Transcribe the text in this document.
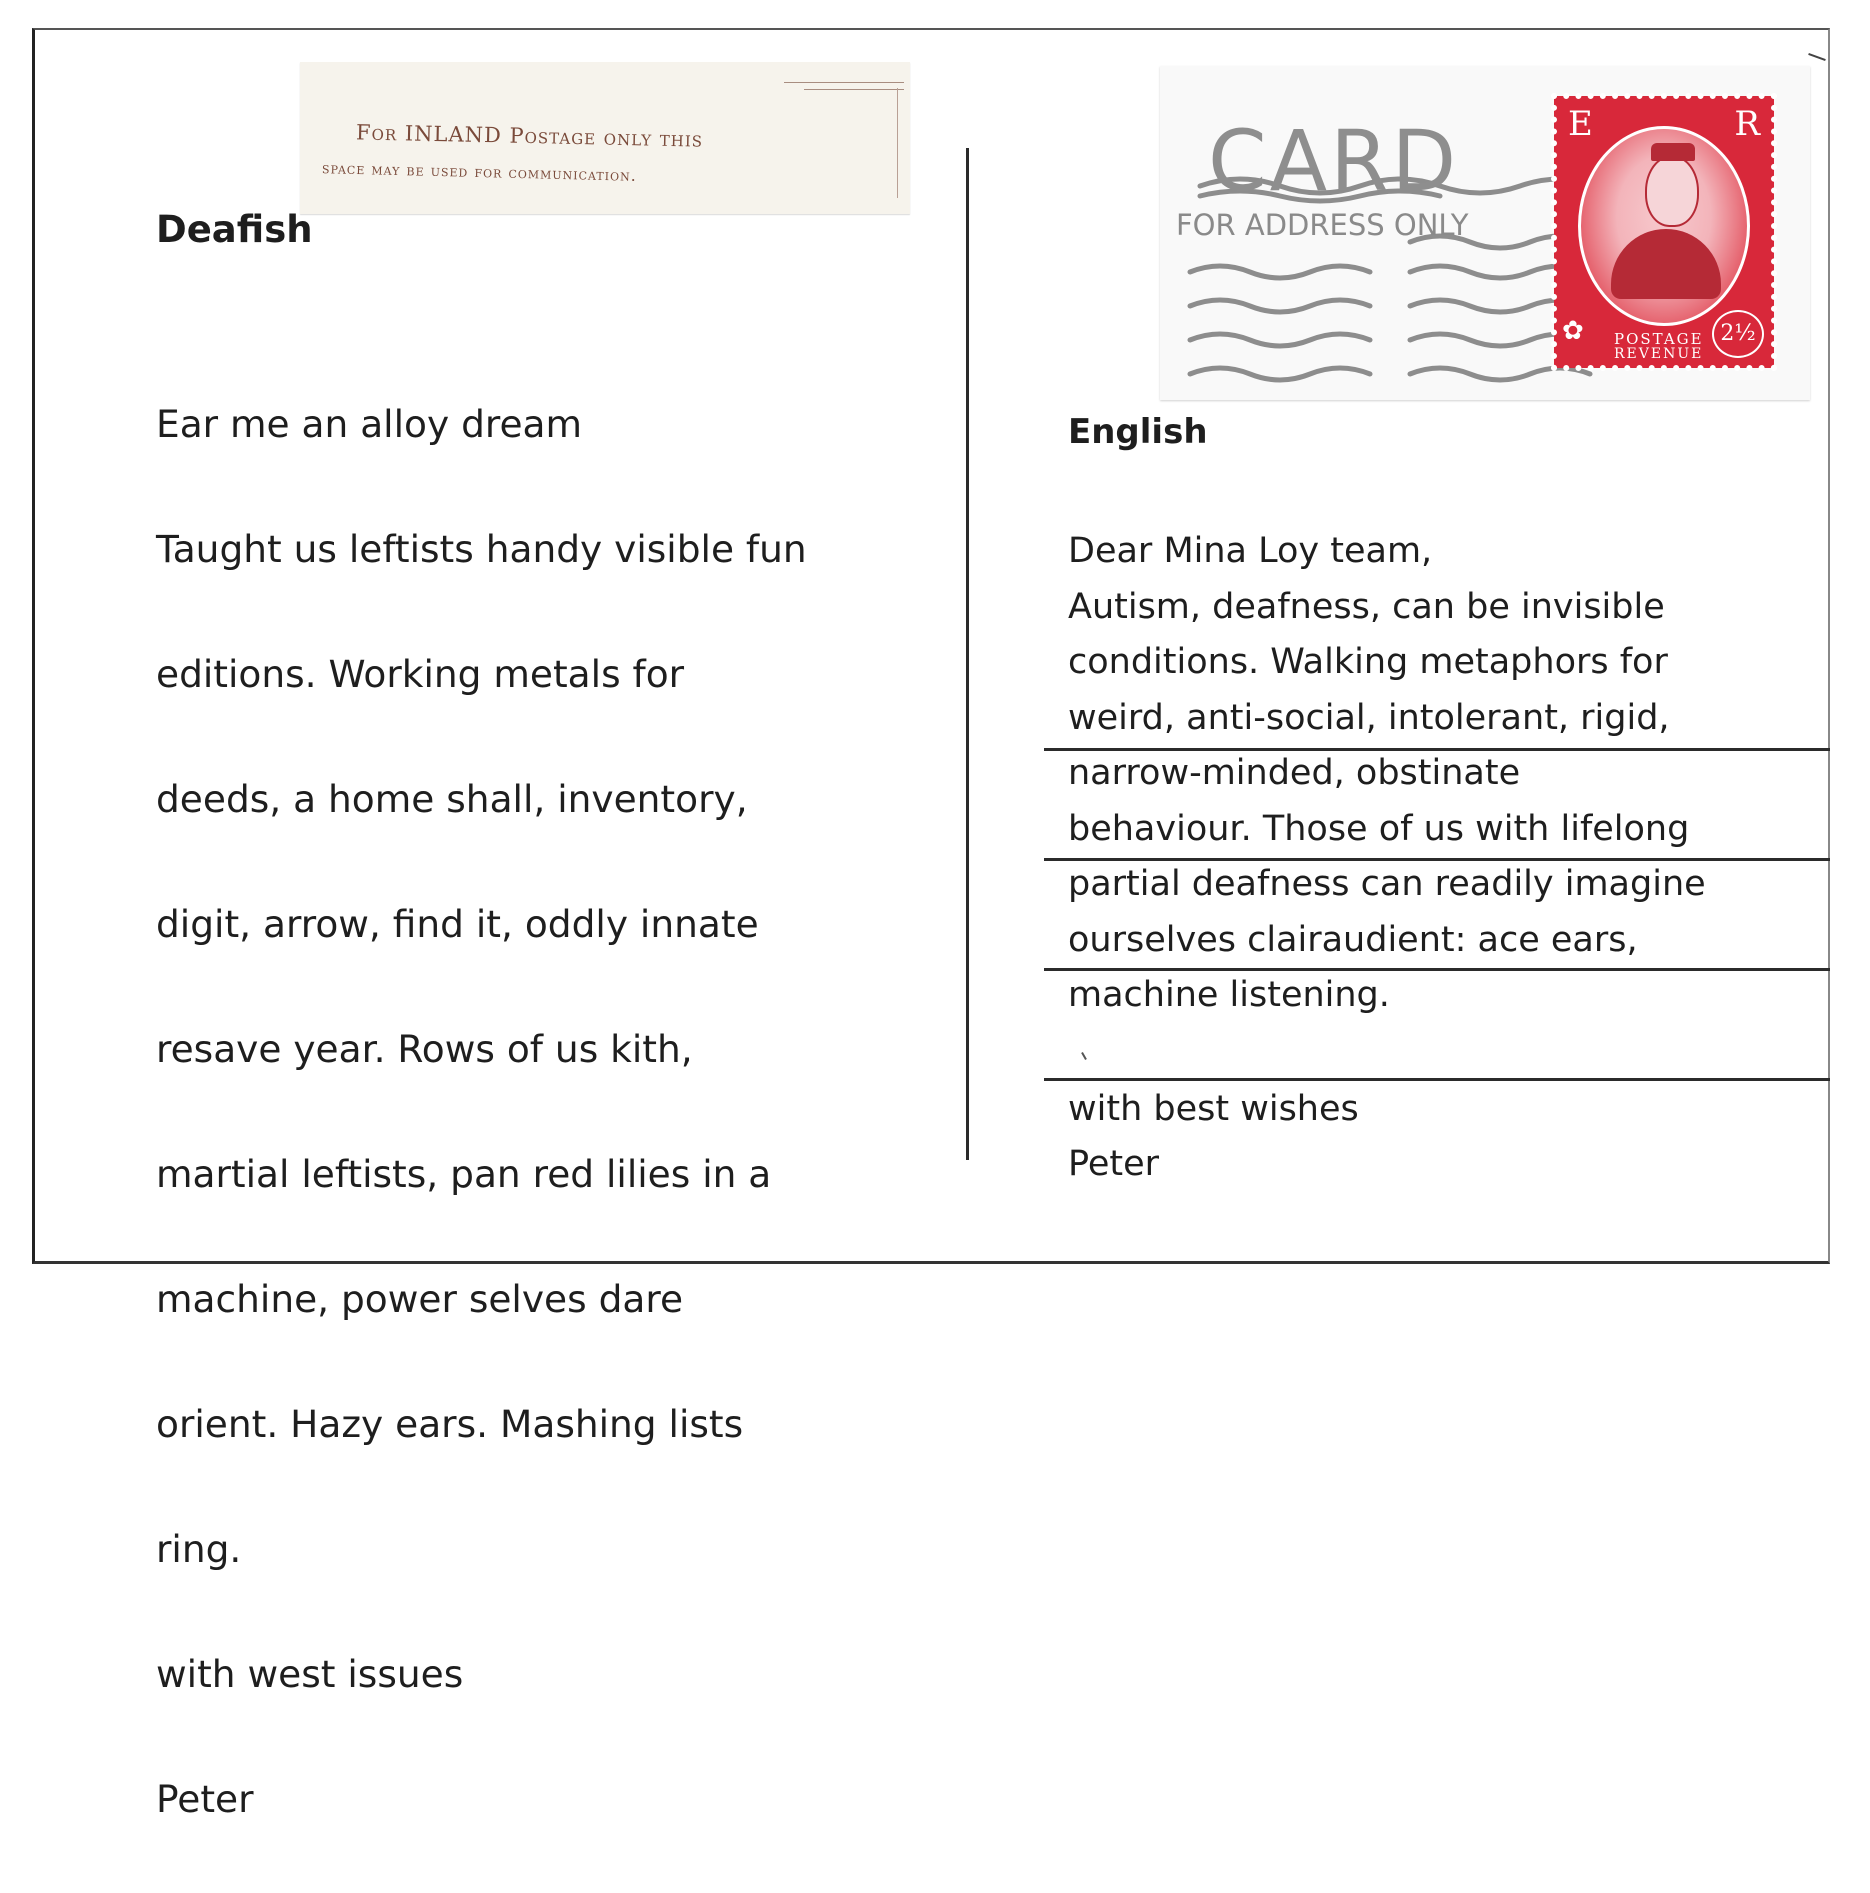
For INLAND Postage only this
space may be used for communication.
Deafish

Ear me an alloy dream

Taught us leftists handy visible fun

editions. Working metals for

deeds, a home shall, inventory,

digit, arrow, find it, oddly innate

resave year. Rows of us kith,

martial leftists, pan red lilies in a

machine, power selves dare

orient. Hazy ears. Mashing lists

ring.

with west issues

Peter

CARD
FOR ADDRESS ONLY
E	R
✿ POSTAGE
REVENUE
2½
English
Dear Mina Loy team,
Autism, deafness, can be invisible
conditions. Walking metaphors for
weird, anti-social, intolerant, rigid,
narrow-minded, obstinate
behaviour. Those of us with lifelong
partial deafness can readily imagine
ourselves clairaudient: ace ears,
machine listening.
with best wishes
Peter
